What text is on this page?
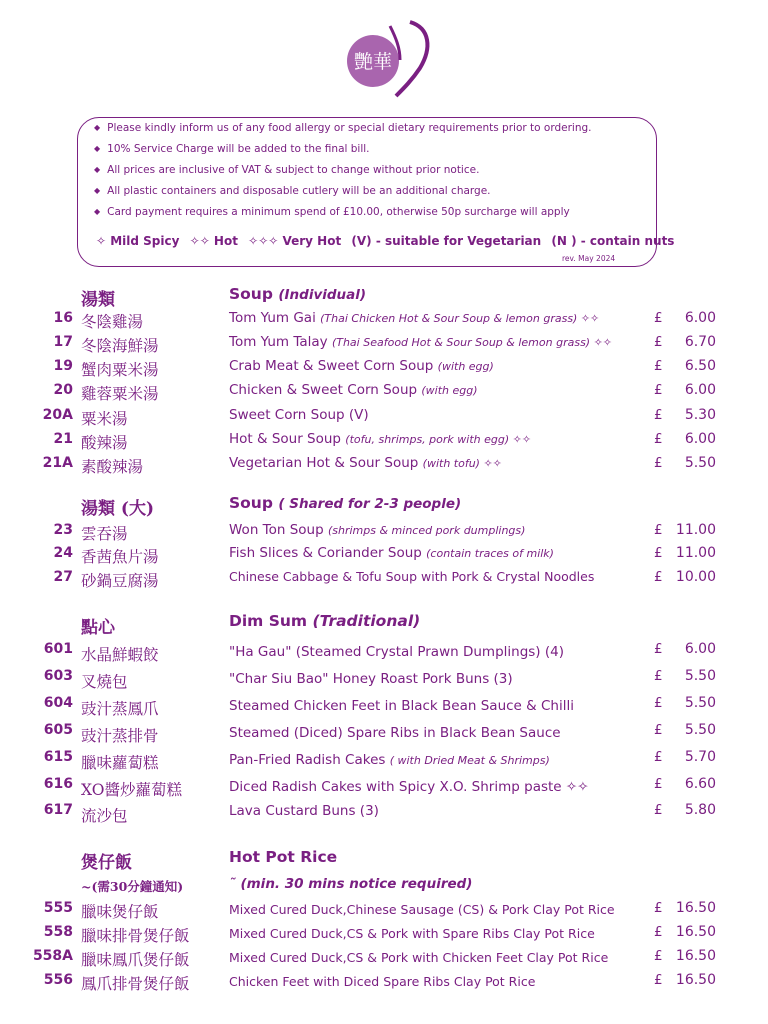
艷華
◆ Please kindly inform us of any food allergy or special dietary requirements prior to ordering.
◆ 10% Service Charge will be added to the final bill.
◆ All prices are inclusive of VAT & subject to change without prior notice.
◆ All plastic containers and disposable cutlery will be an additional charge.
◆ Card payment requires a minimum spend of £10.00, otherwise 50p surcharge will apply
✧ Mild Spicy ✧✧ Hot ✧✧✧ Very Hot (V) - suitable for Vegetarian (N ) - contain nuts
rev. May 2024
湯類	Soup (Individual)
16 冬陰雞湯	Tom Yum Gai (Thai Chicken Hot & Sour Soup & lemon grass) ✧✧	£ 6.00
17 冬陰海鮮湯	Tom Yum Talay (Thai Seafood Hot & Sour Soup & lemon grass) ✧✧	£ 6.70
19 蟹肉粟米湯	Crab Meat & Sweet Corn Soup (with egg)	£ 6.50
20 雞蓉粟米湯	Chicken & Sweet Corn Soup (with egg)	£ 6.00
20A 粟米湯	Sweet Corn Soup (V)	£ 5.30
21 酸辣湯	Hot & Sour Soup (tofu, shrimps, pork with egg) ✧✧	£ 6.00
21A 素酸辣湯	Vegetarian Hot & Sour Soup (with tofu) ✧✧	£ 5.50
湯類 (大)	Soup ( Shared for 2-3 people)
23 雲吞湯	Won Ton Soup (shrimps & minced pork dumplings)	£ 11.00
24 香茜魚片湯	Fish Slices & Coriander Soup (contain traces of milk)	£ 11.00
27 砂鍋豆腐湯	Chinese Cabbage & Tofu Soup with Pork & Crystal Noodles	£ 10.00
點心	Dim Sum (Traditional)
601 水晶鮮蝦餃	"Ha Gau" (Steamed Crystal Prawn Dumplings) (4)	£ 6.00
603 叉燒包	"Char Siu Bao" Honey Roast Pork Buns (3)	£ 5.50
604 豉汁蒸鳳爪	Steamed Chicken Feet in Black Bean Sauce & Chilli	£ 5.50
605 豉汁蒸排骨	Steamed (Diced) Spare Ribs in Black Bean Sauce	£ 5.50
615 臘味蘿蔔糕	Pan-Fried Radish Cakes ( with Dried Meat & Shrimps)	£ 5.70
616 XO醬炒蘿蔔糕	Diced Radish Cakes with Spicy X.O. Shrimp paste ✧✧	£ 6.60
617 流沙包	Lava Custard Buns (3)	£ 5.80
煲仔飯	Hot Pot Rice
~(需30分鐘通知)	˜ (min. 30 mins notice required)
555 臘味煲仔飯	Mixed Cured Duck,Chinese Sausage (CS) & Pork Clay Pot Rice	£ 16.50
558 臘味排骨煲仔飯	Mixed Cured Duck,CS & Pork with Spare Ribs Clay Pot Rice	£ 16.50
558A 臘味鳳爪煲仔飯	Mixed Cured Duck,CS & Pork with Chicken Feet Clay Pot Rice	£ 16.50
556 鳳爪排骨煲仔飯	Chicken Feet with Diced Spare Ribs Clay Pot Rice	£ 16.50
